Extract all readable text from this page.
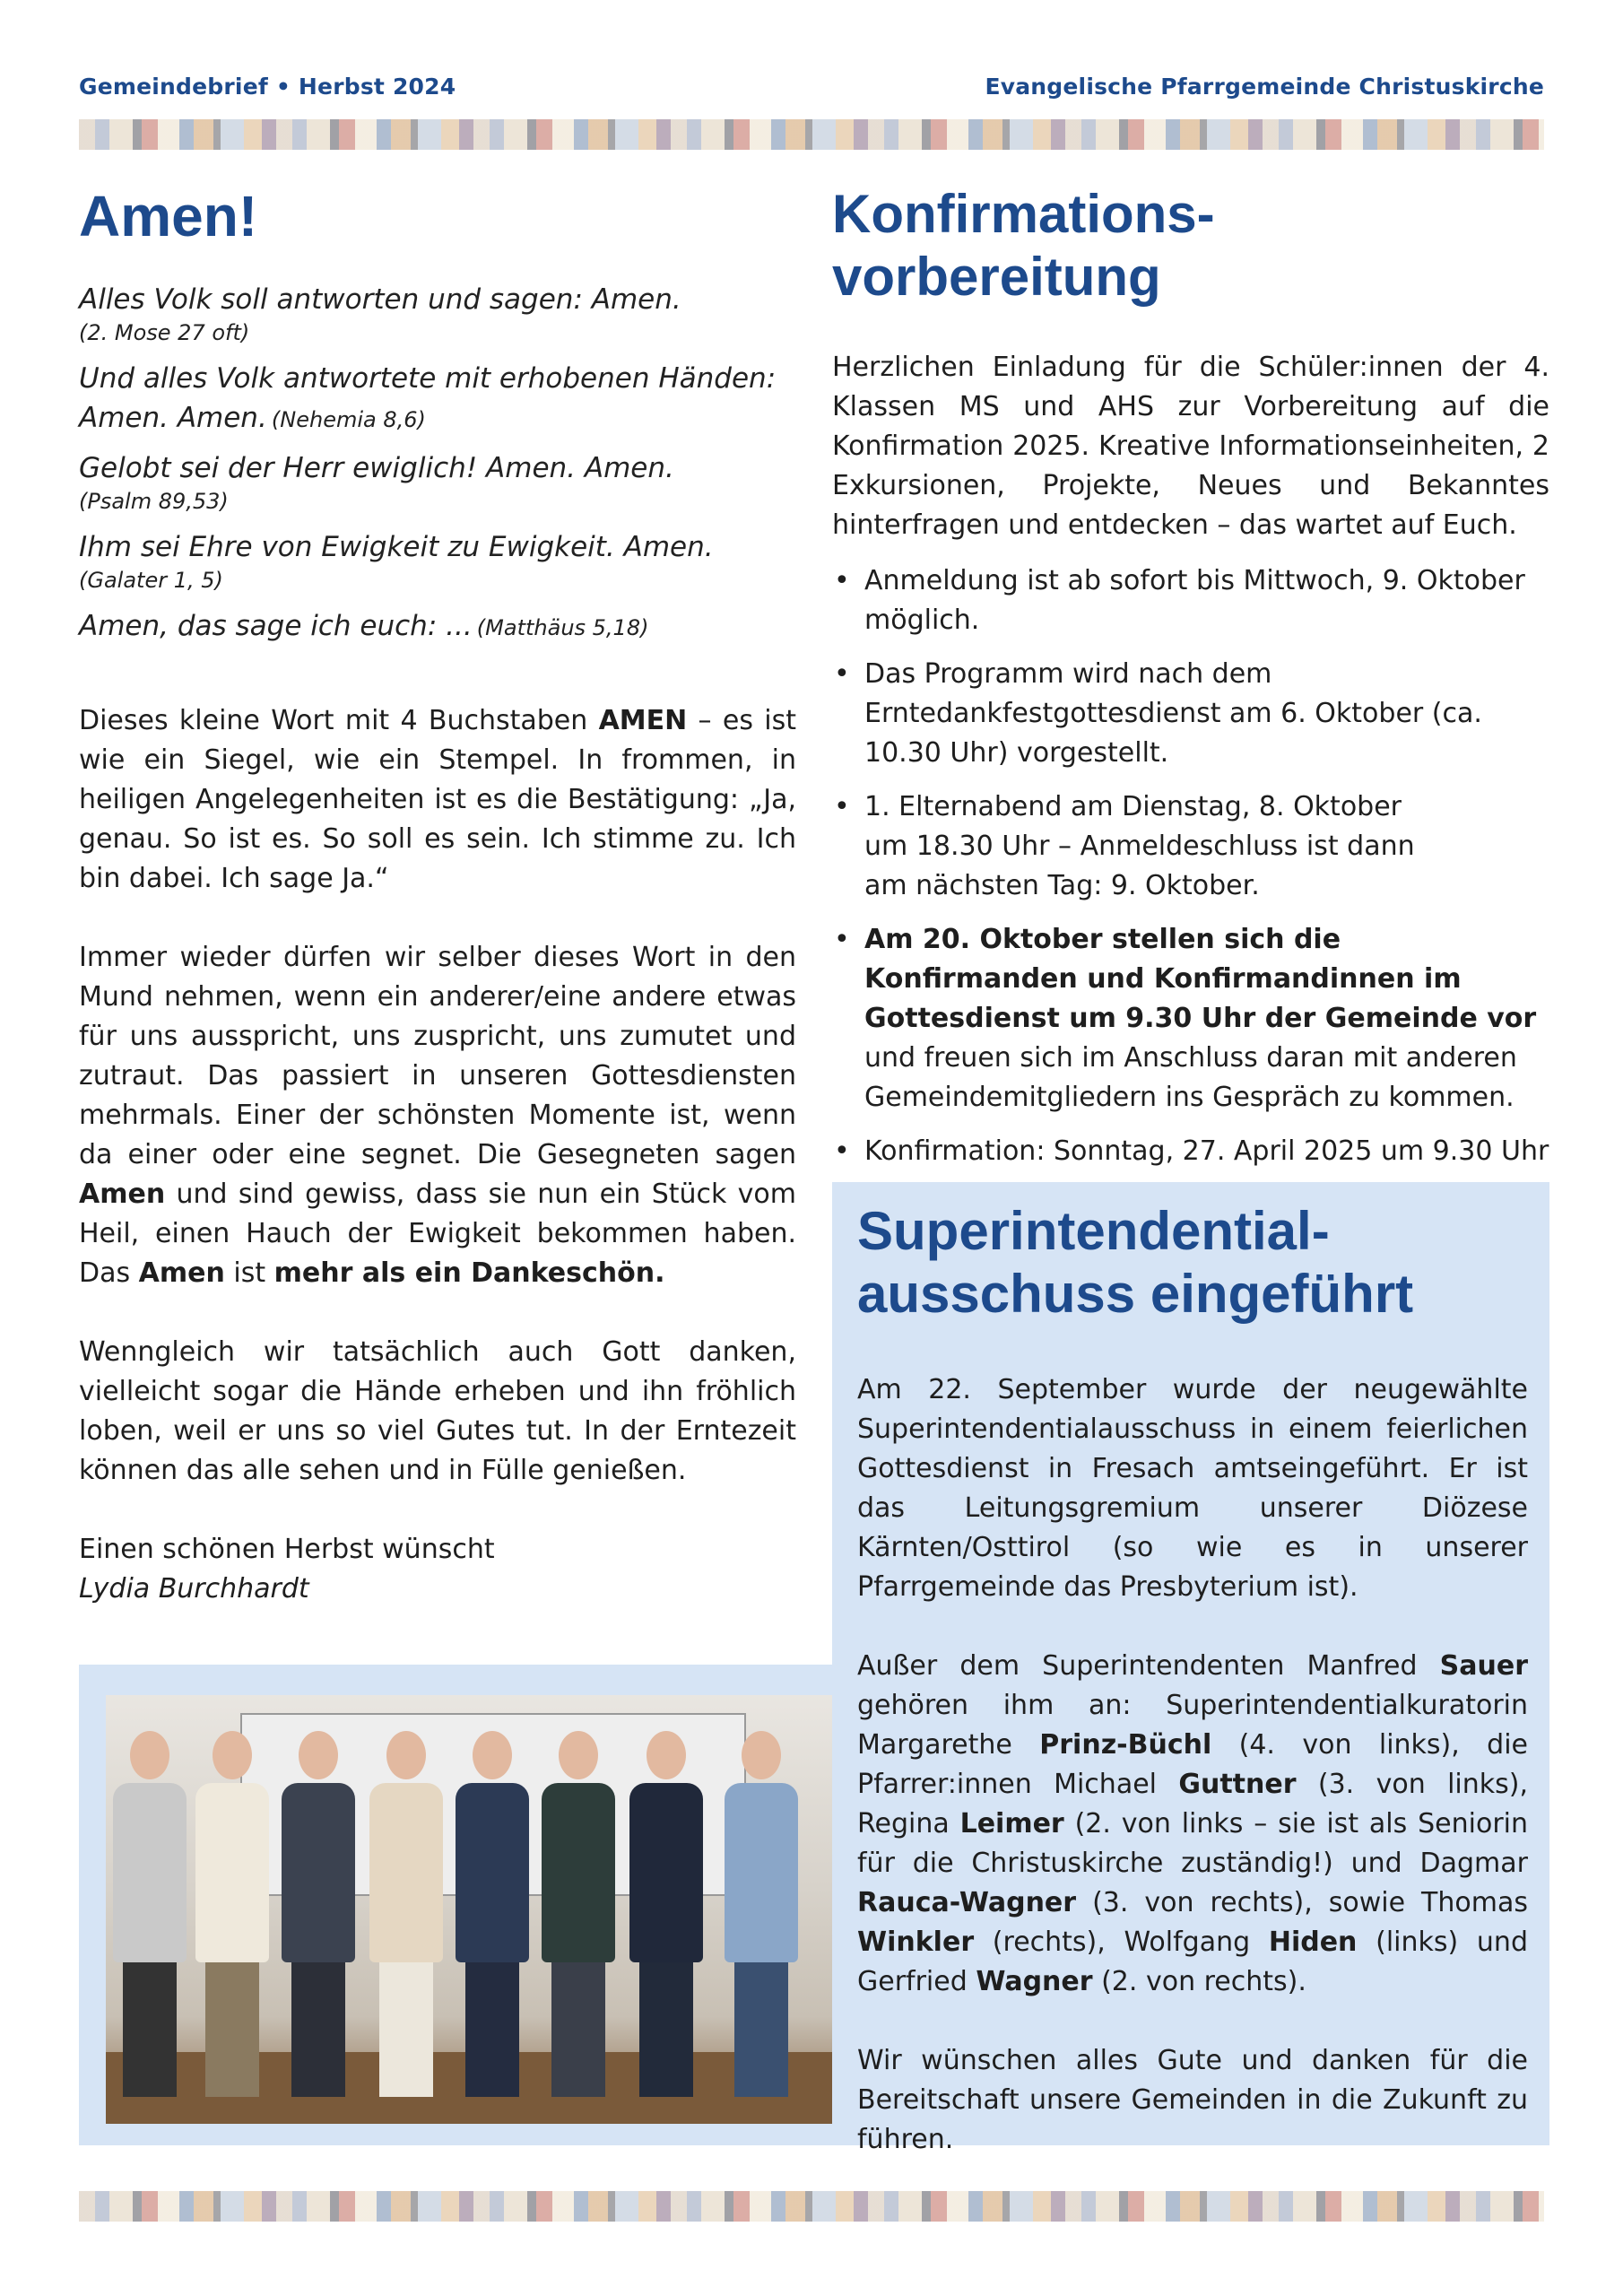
Gemeindebrief • Herbst 2024	Evangelische Pfarrgemeinde Christuskirche
Amen!
Alles Volk soll antworten und sagen: Amen.
(2. Mose 27 oft)
Und alles Volk antwortete mit erhobenen Händen: Amen. Amen. (Nehemia 8,6)
Gelobt sei der Herr ewiglich! Amen. Amen.
(Psalm 89,53)
Ihm sei Ehre von Ewigkeit zu Ewigkeit. Amen.
(Galater 1, 5)
Amen, das sage ich euch: ... (Matthäus 5,18)

Dieses kleine Wort mit 4 Buchstaben AMEN – es ist wie ein Siegel, wie ein Stempel. In frommen, in heiligen Angelegenheiten ist es die Bestätigung: „Ja, genau. So ist es. So soll es sein. Ich stimme zu. Ich bin dabei. Ich sage Ja.“

Immer wieder dürfen wir selber dieses Wort in den Mund nehmen, wenn ein anderer/eine andere etwas für uns ausspricht, uns zuspricht, uns zumutet und zutraut. Das passiert in unseren Gottesdiensten mehrmals. Einer der schönsten Momente ist, wenn da einer oder eine segnet. Die Gesegneten sagen Amen und sind gewiss, dass sie nun ein Stück vom Heil, einen Hauch der Ewigkeit bekommen haben. Das Amen ist mehr als ein Dankeschön.

Wenngleich wir tatsächlich auch Gott danken, vielleicht sogar die Hände erheben und ihn fröhlich loben, weil er uns so viel Gutes tut. In der Erntezeit können das alle sehen und in Fülle genießen.

Einen schönen Herbst wünscht
Lydia Burchhardt

Konfirmations-
vorbereitung

Herzlichen Einladung für die Schüler:innen der 4. Klassen MS und AHS zur Vorbereitung auf die Konfirmation 2025. Kreative Informationseinheiten, 2 Exkursionen, Projekte, Neues und Bekanntes hinterfragen und entdecken – das wartet auf Euch.

• Anmeldung ist ab sofort bis Mittwoch, 9. Oktober möglich.
• Das Programm wird nach dem Erntedankfestgottesdienst am 6. Oktober (ca. 10.30 Uhr) vorgestellt.
• 1. Elternabend am Dienstag, 8. Oktober
um 18.30 Uhr – Anmeldeschluss ist dann
am nächsten Tag: 9. Oktober.
• Am 20. Oktober stellen sich die Konfirmanden und Konfirmandinnen im Gottesdienst um 9.30 Uhr der Gemeinde vor und freuen sich im Anschluss daran mit anderen Gemeindemitgliedern ins Gespräch zu kommen.
• Konfirmation: Sonntag, 27. April 2025 um 9.30 Uhr
Superintendential-
ausschuss eingeführt

Am 22. September wurde der neugewählte Superintendentialausschuss in einem feierlichen Gottesdienst in Fresach amtseingeführt. Er ist das Leitungsgremium unserer Diözese Kärnten/Osttirol (so wie es in unserer Pfarrgemeinde das Presbyterium ist).

Außer dem Superintendenten Manfred Sauer gehören ihm an: Superintendentialkuratorin Margarethe Prinz-Büchl (4. von links), die Pfarrer:innen Michael Guttner (3. von links), Regina Leimer (2. von links – sie ist als Seniorin für die Christuskirche zuständig!) und Dagmar Rauca-Wagner (3. von rechts), sowie Thomas Winkler (rechts), Wolfgang Hiden (links) und Gerfried Wagner (2. von rechts).

Wir wünschen alles Gute und danken für die Bereitschaft unsere Gemeinden in die Zukunft zu führen.
